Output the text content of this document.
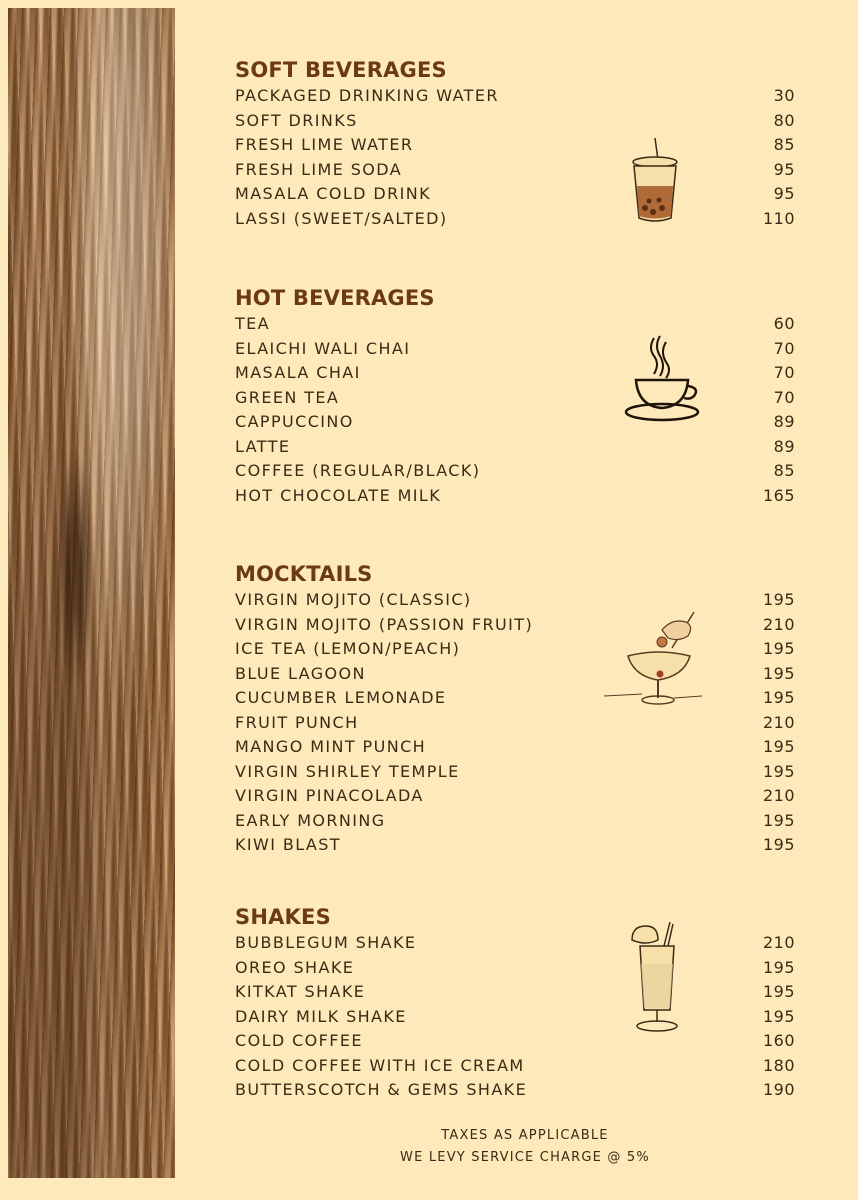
SOFT BEVERAGES
PACKAGED DRINKING WATER	30
SOFT DRINKS	80
FRESH LIME WATER	85
FRESH LIME SODA	95
MASALA COLD DRINK	95
LASSI (SWEET/SALTED)	110
HOT BEVERAGES
TEA	60
ELAICHI WALI CHAI	70
MASALA CHAI	70
GREEN TEA	70
CAPPUCCINO	89
LATTE	89
COFFEE (REGULAR/BLACK)	85
HOT CHOCOLATE MILK	165
MOCKTAILS
VIRGIN MOJITO (CLASSIC)	195
VIRGIN MOJITO (PASSION FRUIT)	210
ICE TEA (LEMON/PEACH)	195
BLUE LAGOON	195
CUCUMBER LEMONADE	195
FRUIT PUNCH	210
MANGO MINT PUNCH	195
VIRGIN SHIRLEY TEMPLE	195
VIRGIN PINACOLADA	210
EARLY MORNING	195
KIWI BLAST	195
SHAKES
BUBBLEGUM SHAKE	210
OREO SHAKE	195
KITKAT SHAKE	195
DAIRY MILK SHAKE	195
COLD COFFEE	160
COLD COFFEE WITH ICE CREAM	180
BUTTERSCOTCH & GEMS SHAKE	190
TAXES AS APPLICABLE
WE LEVY SERVICE CHARGE @ 5%
